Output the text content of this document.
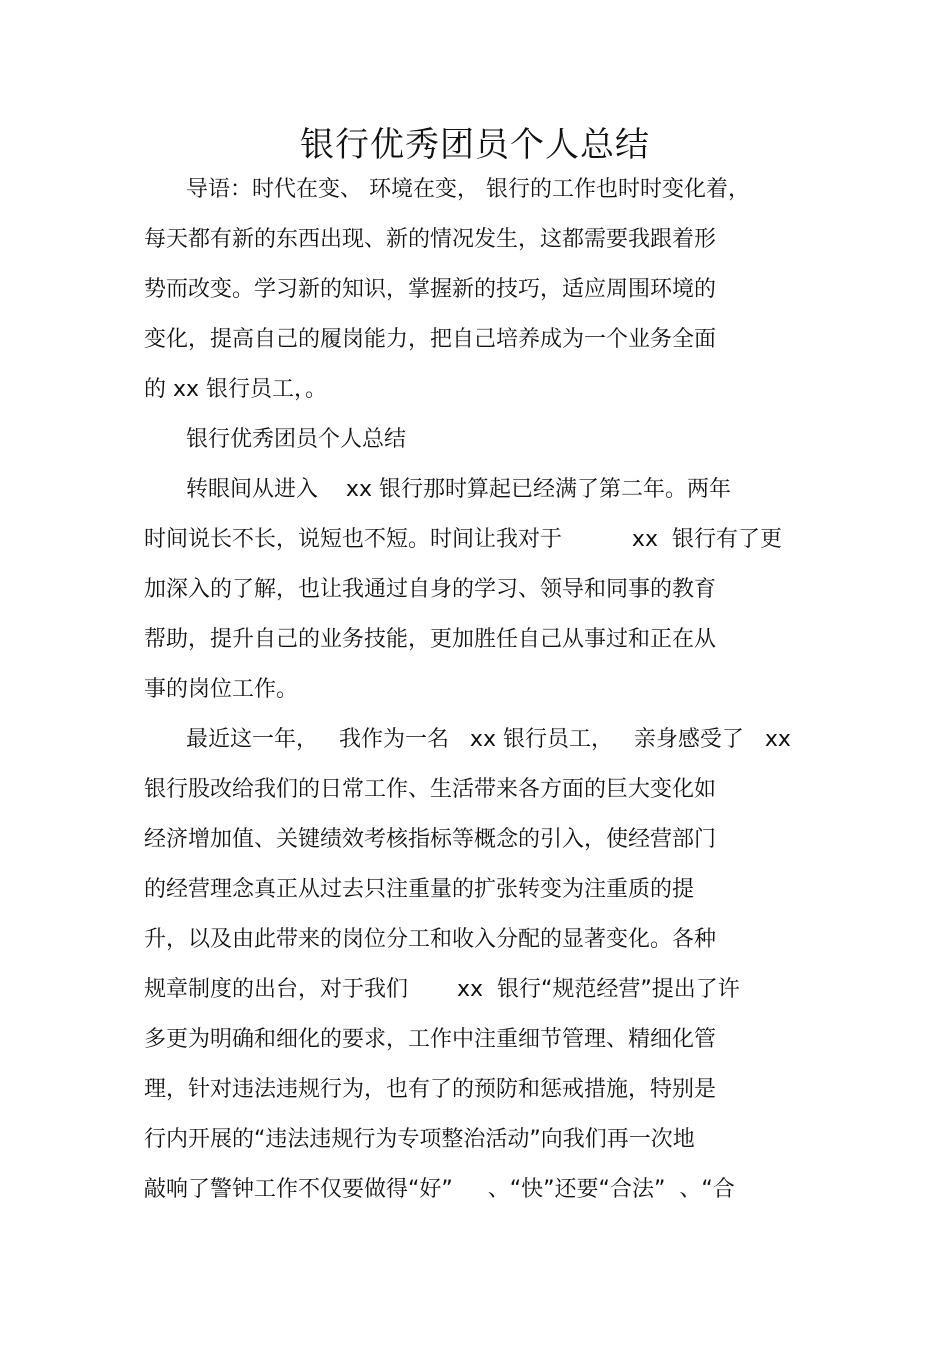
银行优秀团员个人总结
导语：时代在变、 环境在变， 银行的工作也时时变化着，
每天都有新的东西出现、新的情况发生，这都需要我跟着形
势而改变。学习新的知识，掌握新的技巧，适应周围环境的
变化，提高自己的履岗能力，把自己培养成为一个业务全面
的 xx 银行员工，。
银行优秀团员个人总结
转眼间从进入    xx 银行那时算起已经满了第二年。两年
时间说长不长，说短也不短。时间让我对于          xx  银行有了更
加深入的了解，也让我通过自身的学习、领导和同事的教育
帮助，提升自己的业务技能，更加胜任自己从事过和正在从
事的岗位工作。
最近这一年，   我作为一名   xx 银行员工，   亲身感受了   xx
银行股改给我们的日常工作、生活带来各方面的巨大变化如
经济增加值、关键绩效考核指标等概念的引入，使经营部门
的经营理念真正从过去只注重量的扩张转变为注重质的提
升，以及由此带来的岗位分工和收入分配的显著变化。各种
规章制度的出台，对于我们       xx  银行“规范经营”提出了许
多更为明确和细化的要求，工作中注重细节管理、精细化管
理，针对违法违规行为，也有了的预防和惩戒措施，特别是
行内开展的“违法违规行为专项整治活动”向我们再一次地
敲响了警钟工作不仅要做得“好”     、“快”还要“合法”  、“合
